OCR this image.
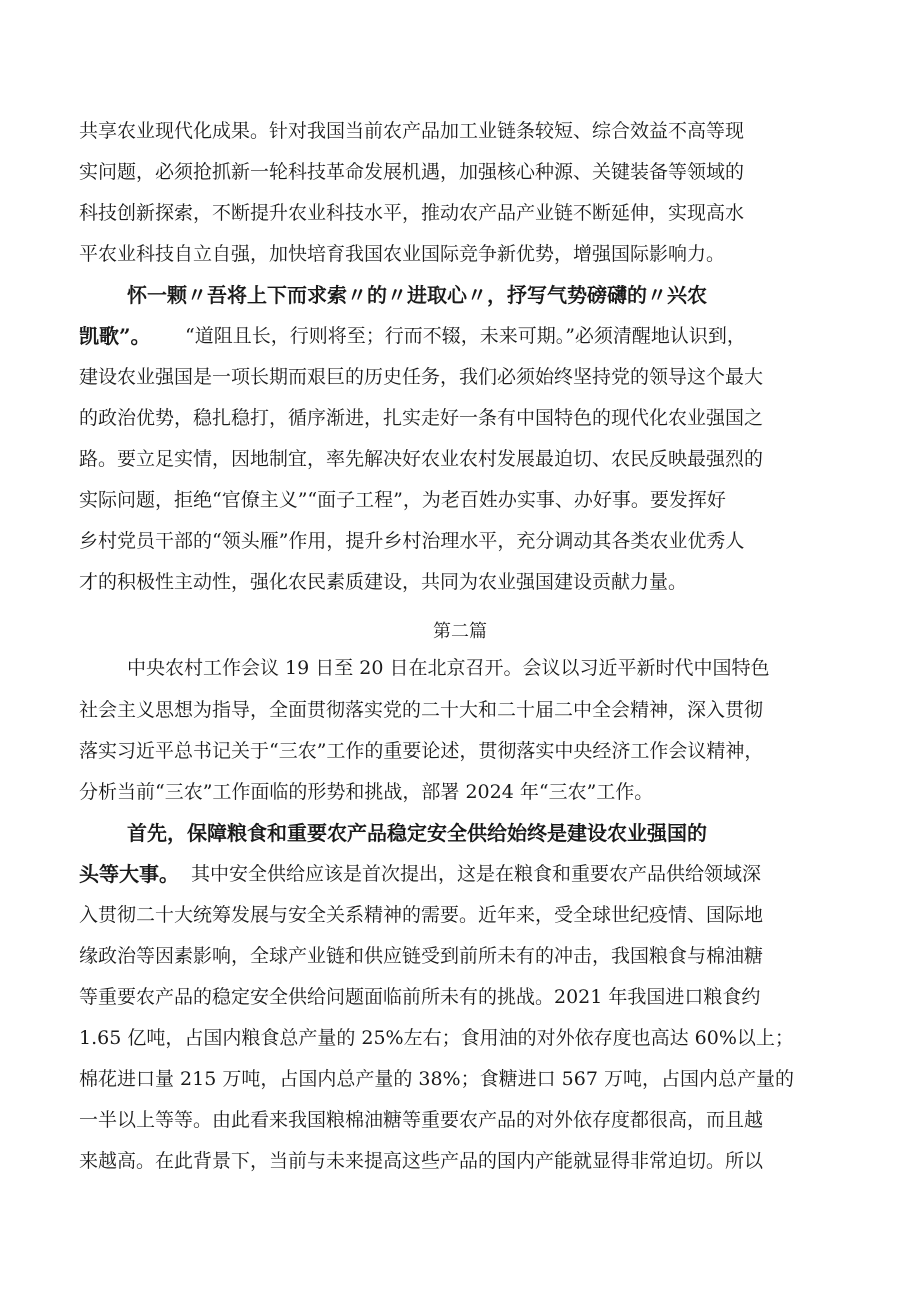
共享农业现代化成果。针对我国当前农产品加工业链条较短、综合效益不高等现
实问题，必须抢抓新一轮科技革命发展机遇，加强核心种源、关键装备等领域的
科技创新探索，不断提升农业科技水平，推动农产品产业链不断延伸，实现高水
平农业科技自立自强，加快培育我国农业国际竞争新优势，增强国际影响力。
怀一颗〃吾将上下而求索〃的〃进取心〃，抒写气势磅礴的〃兴农
凯歌”。	“道阻且长，行则将至；行而不辍，未来可期。”必须清醒地认识到，
建设农业强国是一项长期而艰巨的历史任务，我们必须始终坚持党的领导这个最大
的政治优势，稳扎稳打，循序渐进，扎实走好一条有中国特色的现代化农业强国之
路。要立足实情，因地制宜，率先解决好农业农村发展最迫切、农民反映最强烈的
实际问题，拒绝“官僚主义”“面子工程”，为老百姓办实事、办好事。要发挥好
乡村党员干部的“领头雁”作用，提升乡村治理水平，充分调动其各类农业优秀人
才的积极性主动性，强化农民素质建设，共同为农业强国建设贡献力量。
第二篇
中央农村工作会议 19 日至 20 日在北京召开。会议以习近平新时代中国特色
社会主义思想为指导，全面贯彻落实党的二十大和二十届二中全会精神，深入贯彻
落实习近平总书记关于“三农”工作的重要论述，贯彻落实中央经济工作会议精神，
分析当前“三农”工作面临的形势和挑战，部署 2024 年“三农”工作。
首先，保障粮食和重要农产品稳定安全供给始终是建设农业强国的
头等大事。 其中安全供给应该是首次提出，这是在粮食和重要农产品供给领域深
入贯彻二十大统筹发展与安全关系精神的需要。近年来，受全球世纪疫情、国际地
缘政治等因素影响，全球产业链和供应链受到前所未有的冲击，我国粮食与棉油糖
等重要农产品的稳定安全供给问题面临前所未有的挑战。2021 年我国进口粮食约
1.65 亿吨，占国内粮食总产量的 25%左右；食用油的对外依存度也高达 60%以上；
棉花进口量 215 万吨，占国内总产量的 38%；食糖进口 567 万吨，占国内总产量的
一半以上等等。由此看来我国粮棉油糖等重要农产品的对外依存度都很高，而且越
来越高。在此背景下，当前与未来提高这些产品的国内产能就显得非常迫切。所以
